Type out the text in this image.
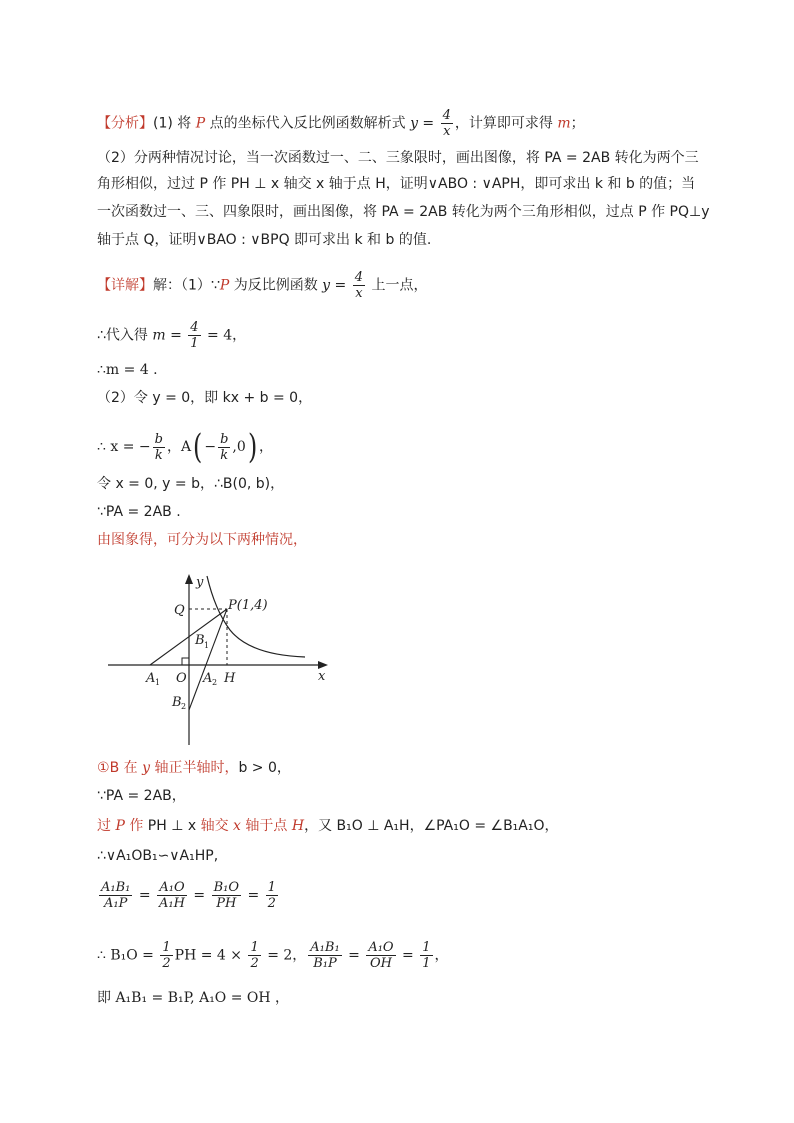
【分析】(1) 将 P 点的坐标代入反比例函数解析式 $y = \frac{4}{x}$ ，计算即可求得 m；
（2）分两种情况讨论，当一次函数过一、二、三象限时，画出图像，将 PA = 2AB 转化为两个三
角形相似，过过 P 作 PH ⊥ x 轴交 x 轴于点 H，证明∨ABO : ∨APH，即可求出 k 和 b 的值；当
一次函数过一、三、四象限时，画出图像，将 PA = 2AB 转化为两个三角形相似，过点 P 作 PQ⊥y
轴于点 Q，证明∨BAO : ∨BPQ 即可求出 k 和 b 的值.
【详解】解：（1）∵P 为反比例函数 $y = \frac{4}{x}$ 上一点，
∴代入得 $m = \frac{4}{1} = 4$，
∴m = 4 .
（2）令 y = 0，即 kx + b = 0，
∴ x = − $\frac{b}{k}$ ，$A( - \frac{b}{k} ,0)$ ，
令 x = 0, y = b，∴B(0, b)，
∵PA = 2AB .
由图象得，可分为以下两种情况，
y
x
Q	P(1,4)
B 1
O
A 1	A 2 H
B 2
①B 在 y 轴正半轴时，b > 0，
∵PA = 2AB，
过 P 作 PH ⊥ x 轴交 x 轴于点 H，又 B₁O ⊥ A₁H，∠PA₁O = ∠B₁A₁O，
∴∨A₁OB₁∽∨A₁HP,
$\frac{\text{A₁B₁}}{\text{A₁P}} = \frac{\text{A₁O}}{\text{A₁H}} = \frac{\text{B₁O}}{PH} = \frac{1}{2}$
∴ $B_1O = \frac{1}{2}$ PH = $4 \times \frac{1}{2} = 2$， $\frac{\text{A₁B₁}}{\text{B₁P}} = \frac{\text{A₁O}}{OH} = \frac{1}{1}$ ，
即 A₁B₁ = B₁P, A₁O = OH ，
